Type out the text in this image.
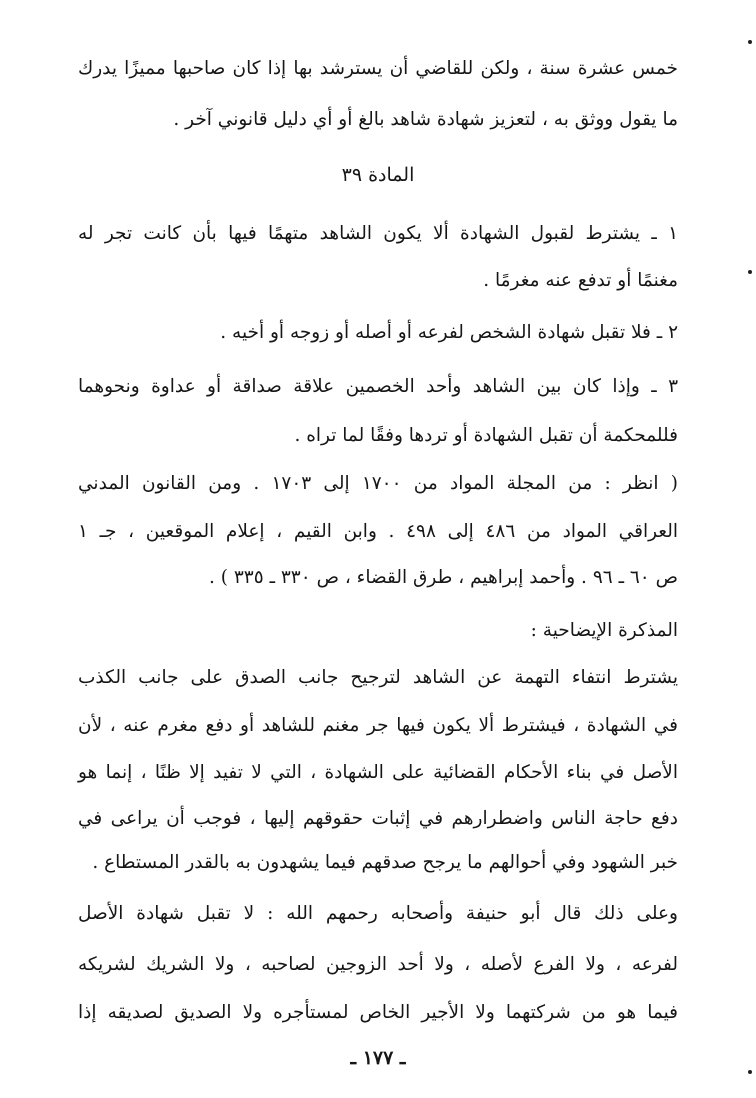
خمس عشرة سنة ، ولكن للقاضي أن يسترشد بها إذا كان صاحبها مميزًا يدرك
ما يقول ووثق به ، لتعزيز شهادة شاهد بالغ أو أي دليل قانوني آخر .
المادة ٣٩
١ ـ يشترط لقبول الشهادة ألا يكون الشاهد متهمًا فيها بأن كانت تجر له
مغنمًا أو تدفع عنه مغرمًا .
٢ ـ فلا تقبل شهادة الشخص لفرعه أو أصله أو زوجه أو أخيه .
٣ ـ وإذا كان بين الشاهد وأحد الخصمين علاقة صداقة أو عداوة ونحوهما
فللمحكمة أن تقبل الشهادة أو تردها وفقًا لما تراه .
( انظر : من المجلة المواد من ١٧٠٠ إلى ١٧٠٣ . ومن القانون المدني
العراقي المواد من ٤٨٦ إلى ٤٩٨ . وابن القيم ، إعلام الموقعين ، جـ ١
ص ٦٠ ـ ٩٦ . وأحمد إبراهيم ، طرق القضاء ، ص ٣٣٠ ـ ٣٣٥ ) .
المذكرة الإيضاحية :
يشترط انتفاء التهمة عن الشاهد لترجيح جانب الصدق على جانب الكذب
في الشهادة ، فيشترط ألا يكون فيها جر مغنم للشاهد أو دفع مغرم عنه ، لأن
الأصل في بناء الأحكام القضائية على الشهادة ، التي لا تفيد إلا ظنًا ، إنما هو
دفع حاجة الناس واضطرارهم في إثبات حقوقهم إليها ، فوجب أن يراعى في
خبر الشهود وفي أحوالهم ما يرجح صدقهم فيما يشهدون به بالقدر المستطاع .
وعلى ذلك قال أبو حنيفة وأصحابه رحمهم الله : لا تقبل شهادة الأصل
لفرعه ، ولا الفرع لأصله ، ولا أحد الزوجين لصاحبه ، ولا الشريك لشريكه
فيما هو من شركتهما ولا الأجير الخاص لمستأجره ولا الصديق لصديقه إذا
ـ ١٧٧ ـ
